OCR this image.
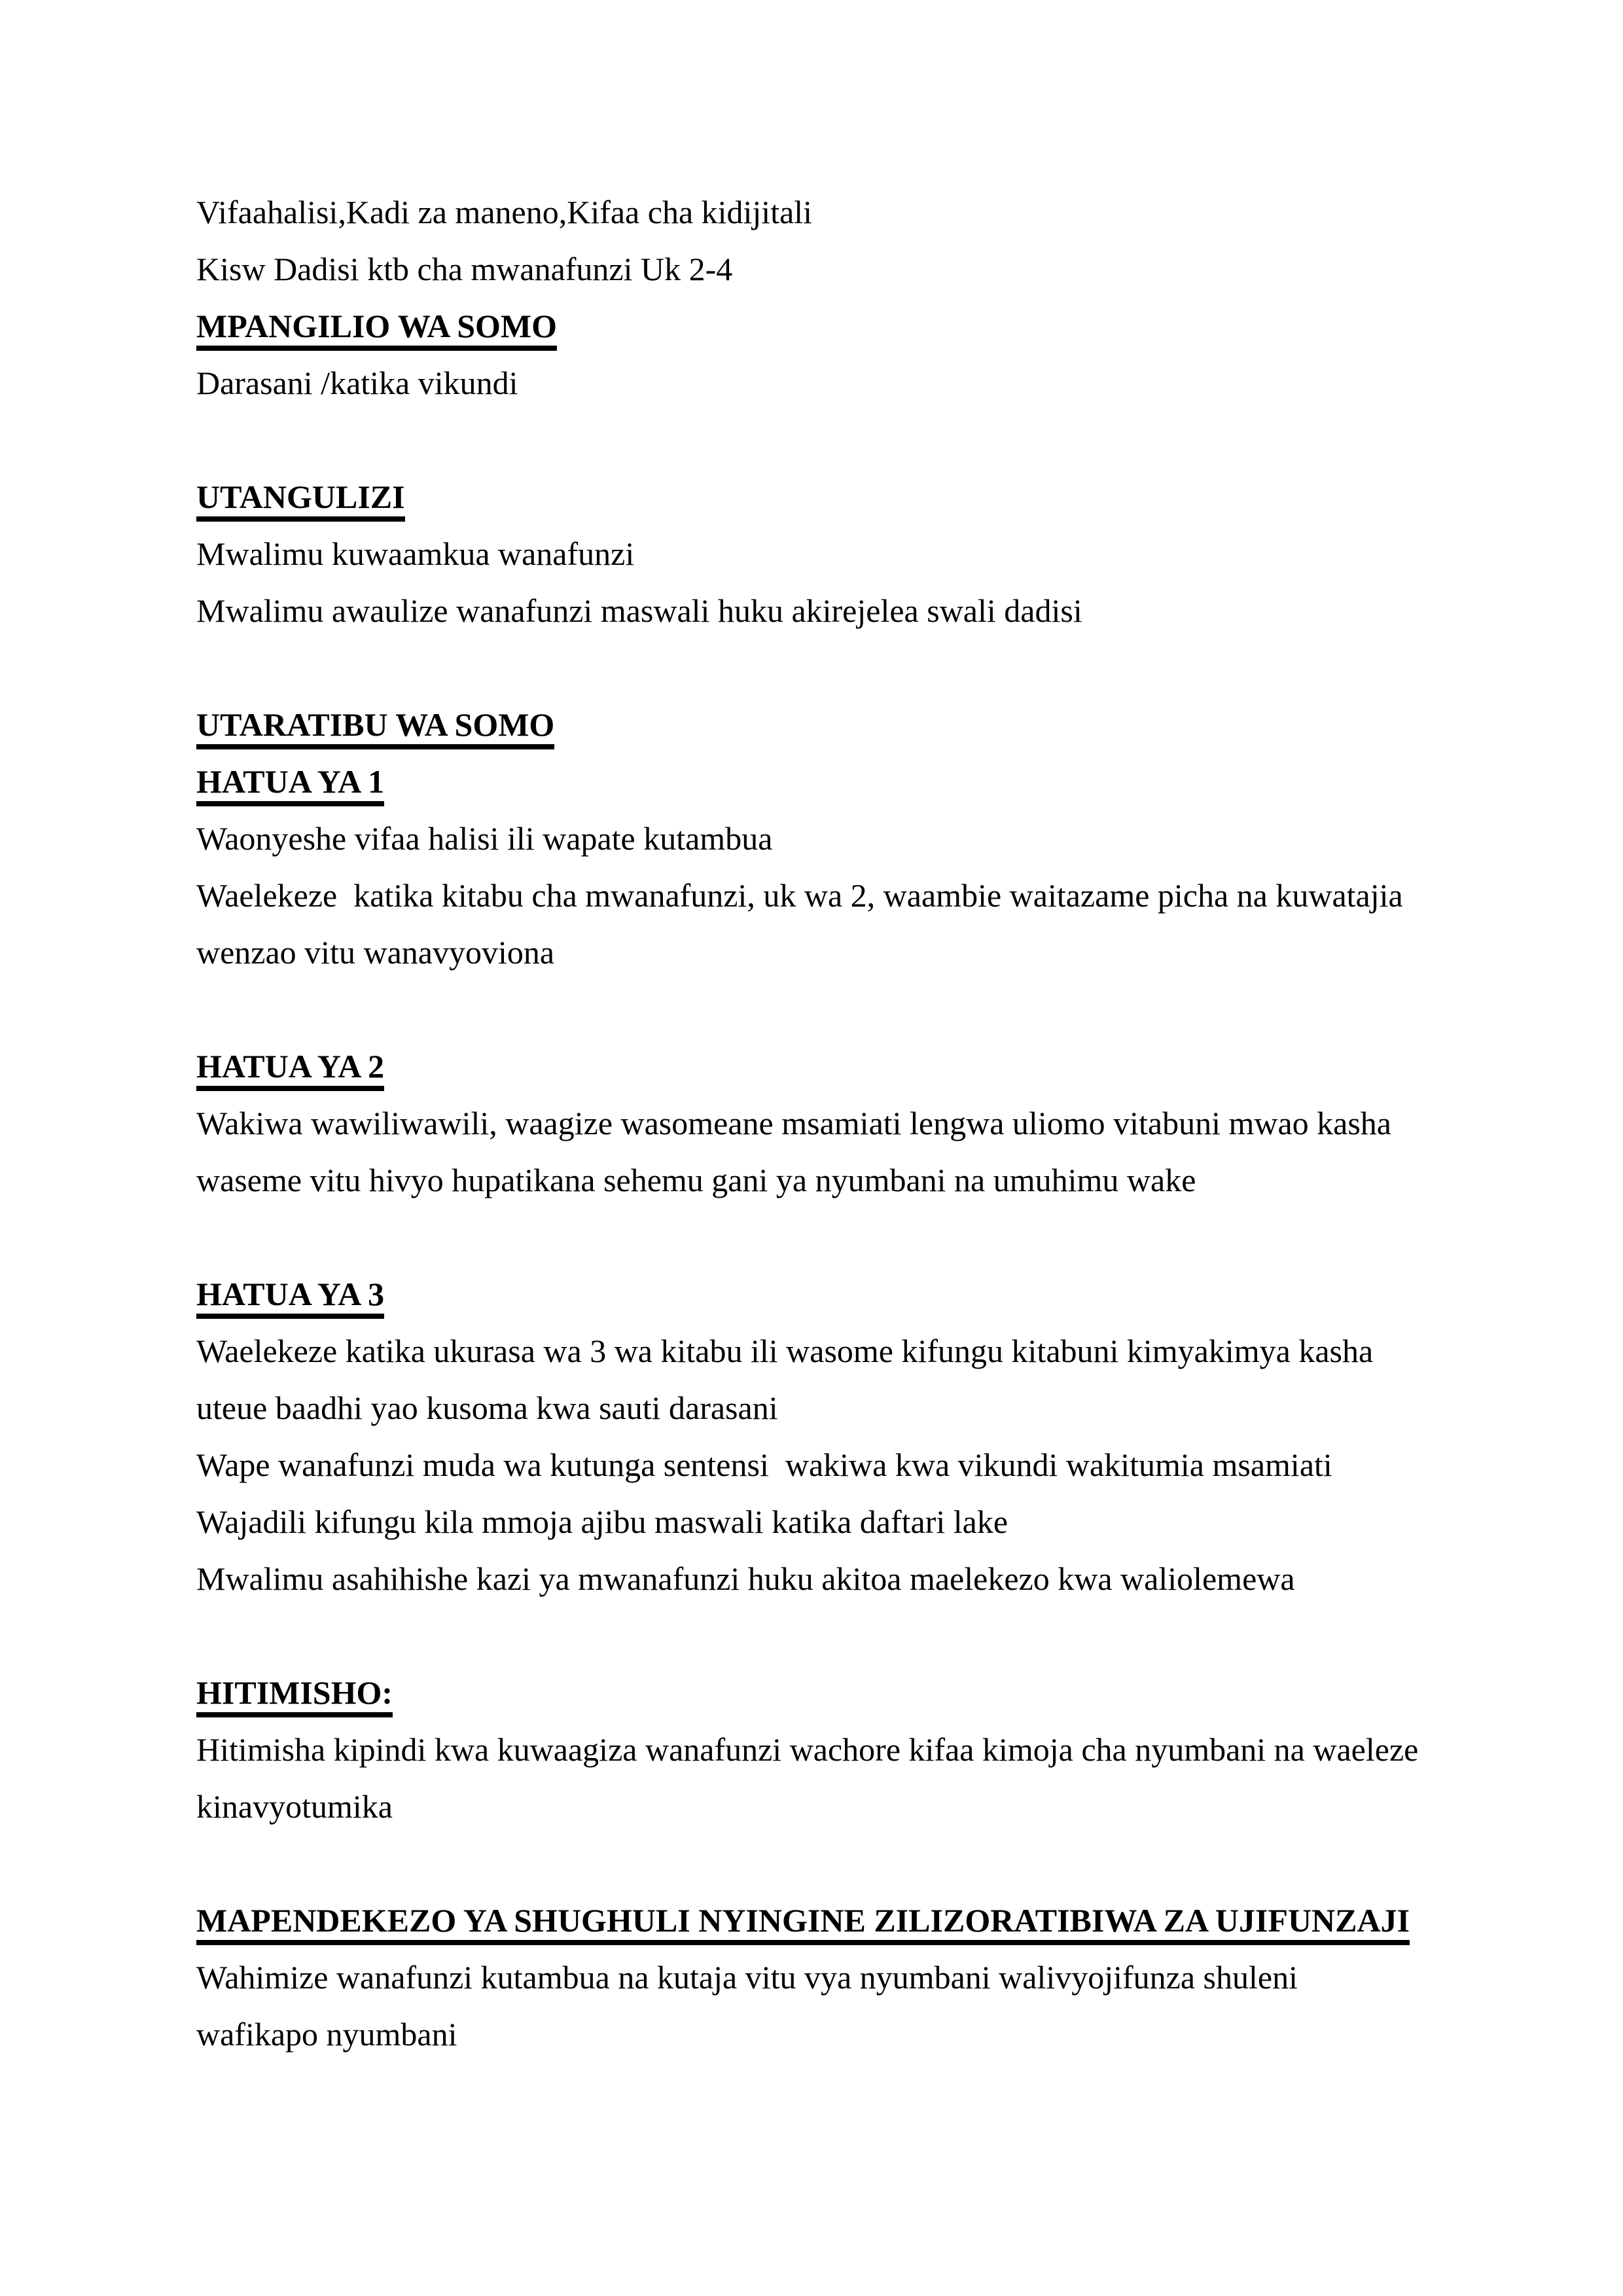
Vifaahalisi,Kadi za maneno,Kifaa cha kidijitali

Kisw Dadisi ktb cha mwanafunzi Uk 2-4

MPANGILIO WA SOMO

Darasani /katika vikundi

UTANGULIZI

Mwalimu kuwaamkua wanafunzi

Mwalimu awaulize wanafunzi maswali huku akirejelea swali dadisi

UTARATIBU WA SOMO

HATUA YA 1

Waonyeshe vifaa halisi ili wapate kutambua

Waelekeze  katika kitabu cha mwanafunzi, uk wa 2, waambie waitazame picha na kuwatajia

wenzao vitu wanavyoviona

HATUA YA 2

Wakiwa wawiliwawili, waagize wasomeane msamiati lengwa uliomo vitabuni mwao kasha

waseme vitu hivyo hupatikana sehemu gani ya nyumbani na umuhimu wake

HATUA YA 3

Waelekeze katika ukurasa wa 3 wa kitabu ili wasome kifungu kitabuni kimyakimya kasha

uteue baadhi yao kusoma kwa sauti darasani

Wape wanafunzi muda wa kutunga sentensi  wakiwa kwa vikundi wakitumia msamiati

Wajadili kifungu kila mmoja ajibu maswali katika daftari lake

Mwalimu asahihishe kazi ya mwanafunzi huku akitoa maelekezo kwa waliolemewa

HITIMISHO:

Hitimisha kipindi kwa kuwaagiza wanafunzi wachore kifaa kimoja cha nyumbani na waeleze

kinavyotumika

MAPENDEKEZO YA SHUGHULI NYINGINE ZILIZORATIBIWA ZA UJIFUNZAJI

Wahimize wanafunzi kutambua na kutaja vitu vya nyumbani walivyojifunza shuleni

wafikapo nyumbani
